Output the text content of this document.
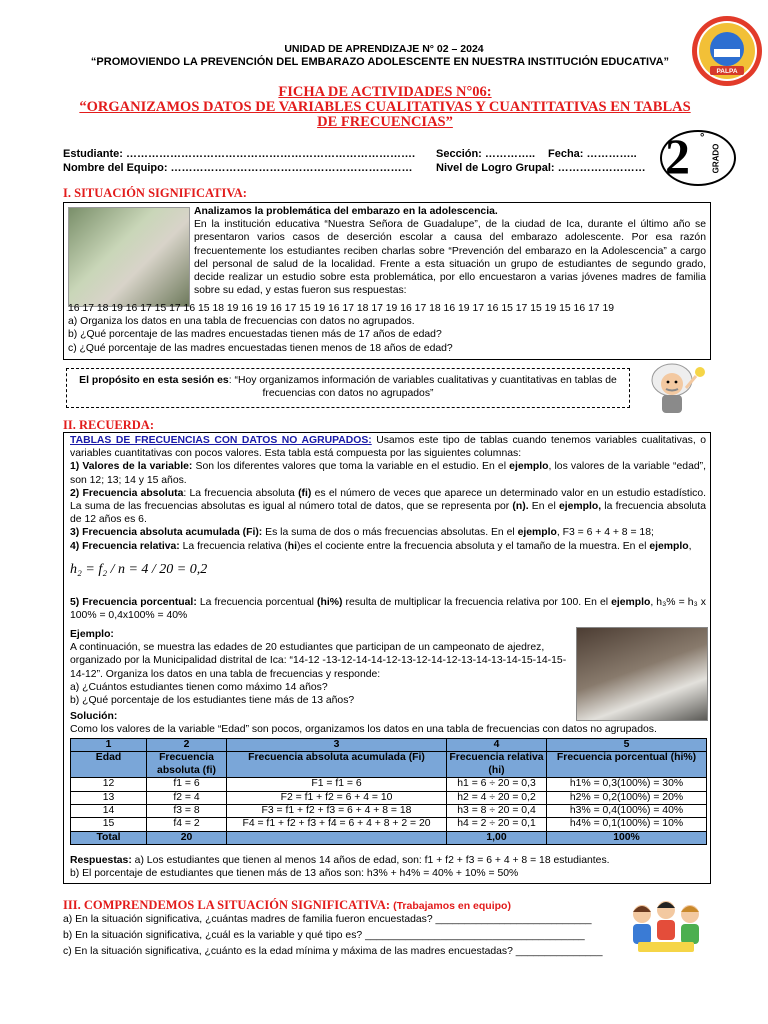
UNIDAD DE APRENDIZAJE N° 02 – 2024
“PROMOVIENDO LA PREVENCIÓN DEL EMBARAZO ADOLESCENTE EN NUESTRA INSTITUCIÓN EDUCATIVA”
PALPA
FICHA DE ACTIVIDADES N°06:
“ORGANIZAMOS DATOS DE VARIABLES CUALITATIVAS Y CUANTITATIVAS EN TABLAS
DE FRECUENCIAS”
Estudiante: …………………………………………………………………….
Nombre del Equipo: …………………………………………………………
Sección: ………….. Fecha: …………..
Nivel de Logro Grupal: …………………… 2 °
GRADO
I. SITUACIÓN SIGNIFICATIVA:
Analizamos la problemática del embarazo en la adolescencia.
En la institución educativa “Nuestra Señora de Guadalupe”, de la ciudad de Ica, durante el último año se presentaron varios casos de deserción escolar a causa del embarazo adolescente. Por esa razón frecuentemente los estudiantes reciben charlas sobre “Prevención del embarazo en la Adolescencia” a cargo del personal de salud de la localidad. Frente a esta situación un grupo de estudiantes de segundo grado, decide realizar un estudio sobre esta problemática, por ello encuestaron a varias jóvenes madres de familia sobre su edad, y estas fueron sus respuestas:
16 17 18 19 16 17 15 17 16 15 18 19 16 19 16 17 15 19 16 17 18 17 19 16 17 18 16 19 17 16 15 17 15 19 15 16 17 19
a) Organiza los datos en una tabla de frecuencias con datos no agrupados.
b) ¿Qué porcentaje de las madres encuestadas tienen más de 17 años de edad?
c) ¿Qué porcentaje de las madres encuestadas tienen menos de 18 años de edad?
El propósito en esta sesión es: “Hoy organizamos información de variables cualitativas y cuantitativas en tablas de frecuencias con datos no agrupados”
II. RECUERDA:
TABLAS DE FRECUENCIAS CON DATOS NO AGRUPADOS: Usamos este tipo de tablas cuando tenemos variables cualitativas, o variables cuantitativas con pocos valores. Esta tabla está compuesta por las siguientes columnas:
1) Valores de la variable: Son los diferentes valores que toma la variable en el estudio. En el ejemplo, los valores de la variable “edad”, son 12; 13; 14 y 15 años.
2) Frecuencia absoluta: La frecuencia absoluta (fi) es el número de veces que aparece un determinado valor en un estudio estadístico. La suma de las frecuencias absolutas es igual al número total de datos, que se representa por (n). En el ejemplo, la frecuencia absoluta de 12 años es 6.
3) Frecuencia absoluta acumulada (Fi): Es la suma de dos o más frecuencias absolutas. En el ejemplo, F3 = 6 + 4 + 8 = 18;
4) Frecuencia relativa: La frecuencia relativa (hi)es el cociente entre la frecuencia absoluta y el tamaño de la muestra. En el ejemplo,
h₂ = f₂ / n = 4 / 20 = 0,2
5) Frecuencia porcentual: La frecuencia porcentual (hi%) resulta de multiplicar la frecuencia relativa por 100. En el ejemplo, h₃% = h₃ x 100% = 0,4x100% = 40%
Ejemplo:
A continuación, se muestra las edades de 20 estudiantes que participan de un campeonato de ajedrez, organizado por la Municipalidad distrital de Ica: “14-12 -13-12-14-14-12-13-12-14-12-13-14-13-14-15-14-15-14-12”. Organiza los datos en una tabla de frecuencias y responde:
a) ¿Cuántos estudiantes tienen como máximo 14 años?
b) ¿Qué porcentaje de los estudiantes tiene más de 13 años?
Solución:
Como los valores de la variable “Edad” son pocos, organizamos los datos en una tabla de frecuencias con datos no agrupados.
1	2	3	4	5
Edad	Frecuencia absoluta (fi)	Frecuencia absoluta acumulada (Fi)	Frecuencia relativa (hi)	Frecuencia porcentual (hi%)
12	f1 = 6	F1 = f1 = 6	h1 = 6 ÷ 20 = 0,3	h1% = 0,3(100%) = 30%
13	f2 = 4	F2 = f1 + f2 = 6 + 4 = 10	h2 = 4 ÷ 20 = 0,2	h2% = 0,2(100%) = 20%
14	f3 = 8	F3 = f1 + f2 + f3 = 6 + 4 + 8 = 18	h3 = 8 ÷ 20 = 0,4	h3% = 0,4(100%) = 40%
15	f4 = 2	F4 = f1 + f2 + f3 + f4 = 6 + 4 + 8 + 2 = 20	h4 = 2 ÷ 20 = 0,1	h4% = 0,1(100%) = 10%
Total	20		1,00	100%
Respuestas: a) Los estudiantes que tienen al menos 14 años de edad, son: f1 + f2 + f3 = 6 + 4 + 8 = 18 estudiantes.
b) El porcentaje de estudiantes que tienen más de 13 años son: h3% + h4% = 40% + 10% = 50%
III. COMPRENDEMOS LA SITUACIÓN SIGNIFICATIVA: (Trabajamos en equipo)
a) En la situación significativa, ¿cuántas madres de familia fueron encuestadas? ___________________________
b) En la situación significativa, ¿cuál es la variable y qué tipo es? ______________________________________
c) En la situación significativa, ¿cuánto es la edad mínima y máxima de las madres encuestadas? _______________
